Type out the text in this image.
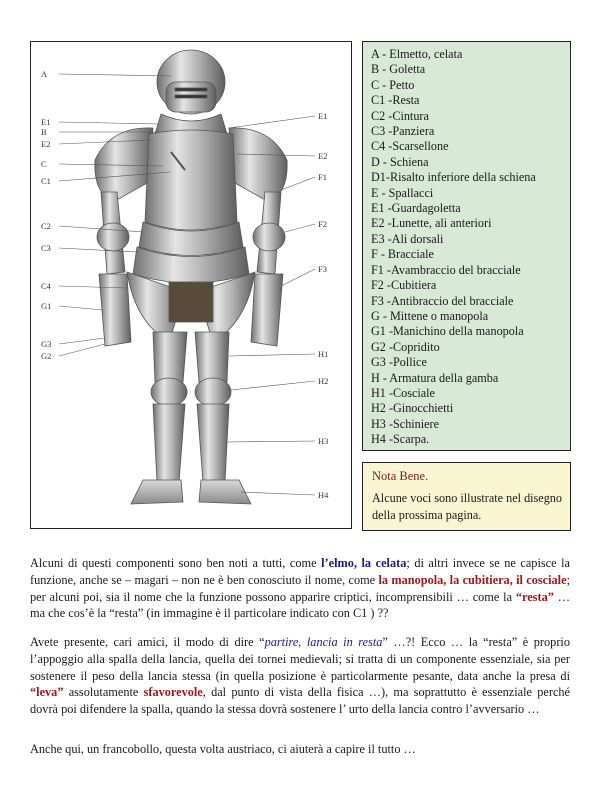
A
E1
B
E2
C
C1
C2
C3
C4
G1
G3
G2
E1
E2
F1
F2
F3
H1
H2
H3
H4
A - Elmetto, celata
B - Goletta
C - Petto
C1 -Resta
C2 -Cintura
C3 -Panziera
C4 -Scarsellone
D - Schiena
D1-Risalto inferiore della schiena
E - Spallacci
E1 -Guardagoletta
E2 -Lunette, ali anteriori
E3 -Ali dorsali
F - Bracciale
F1 -Avambraccio del bracciale
F2 -Cubitiera
F3 -Antibraccio del bracciale
G - Mittene o manopola
G1 -Manichino della manopola
G2 -Copridito
G3 -Pollice
H - Armatura della gamba
H1 -Cosciale
H2 -Ginocchietti
H3 -Schiniere
H4 -Scarpa.
Nota Bene.
Alcune voci sono illustrate nel disegno della prossima pagina.
Alcuni di questi componenti sono ben noti a tutti, come l’elmo, la celata; di altri invece se ne capisce la funzione, anche se – magari – non ne è ben conosciuto il nome, come la manopola, la cubitiera, il cosciale; per alcuni poi, sia il nome che la funzione possono apparire criptici, incomprensibili … come la “resta” … ma che cos’è la “resta” (in immagine è il particolare indicato con C1 ) ??
Avete presente, cari amici, il modo di dire “partire, lancia in resta” …?! Ecco … la “resta” è proprio l’appoggio alla spalla della lancia, quella dei tornei medievali; si tratta di un componente essenziale, sia per sostenere il peso della lancia stessa (in quella posizione è particolarmente pesante, data anche la presa di “leva” assolutamente sfavorevole, dal punto di vista della fisica …), ma soprattutto è essenziale perché dovrà poi difendere la spalla, quando la stessa dovrà sostenere l’ urto della lancia contro l’avversario …
Anche qui, un francobollo, questa volta austriaco, ci aiuterà a capire il tutto …
